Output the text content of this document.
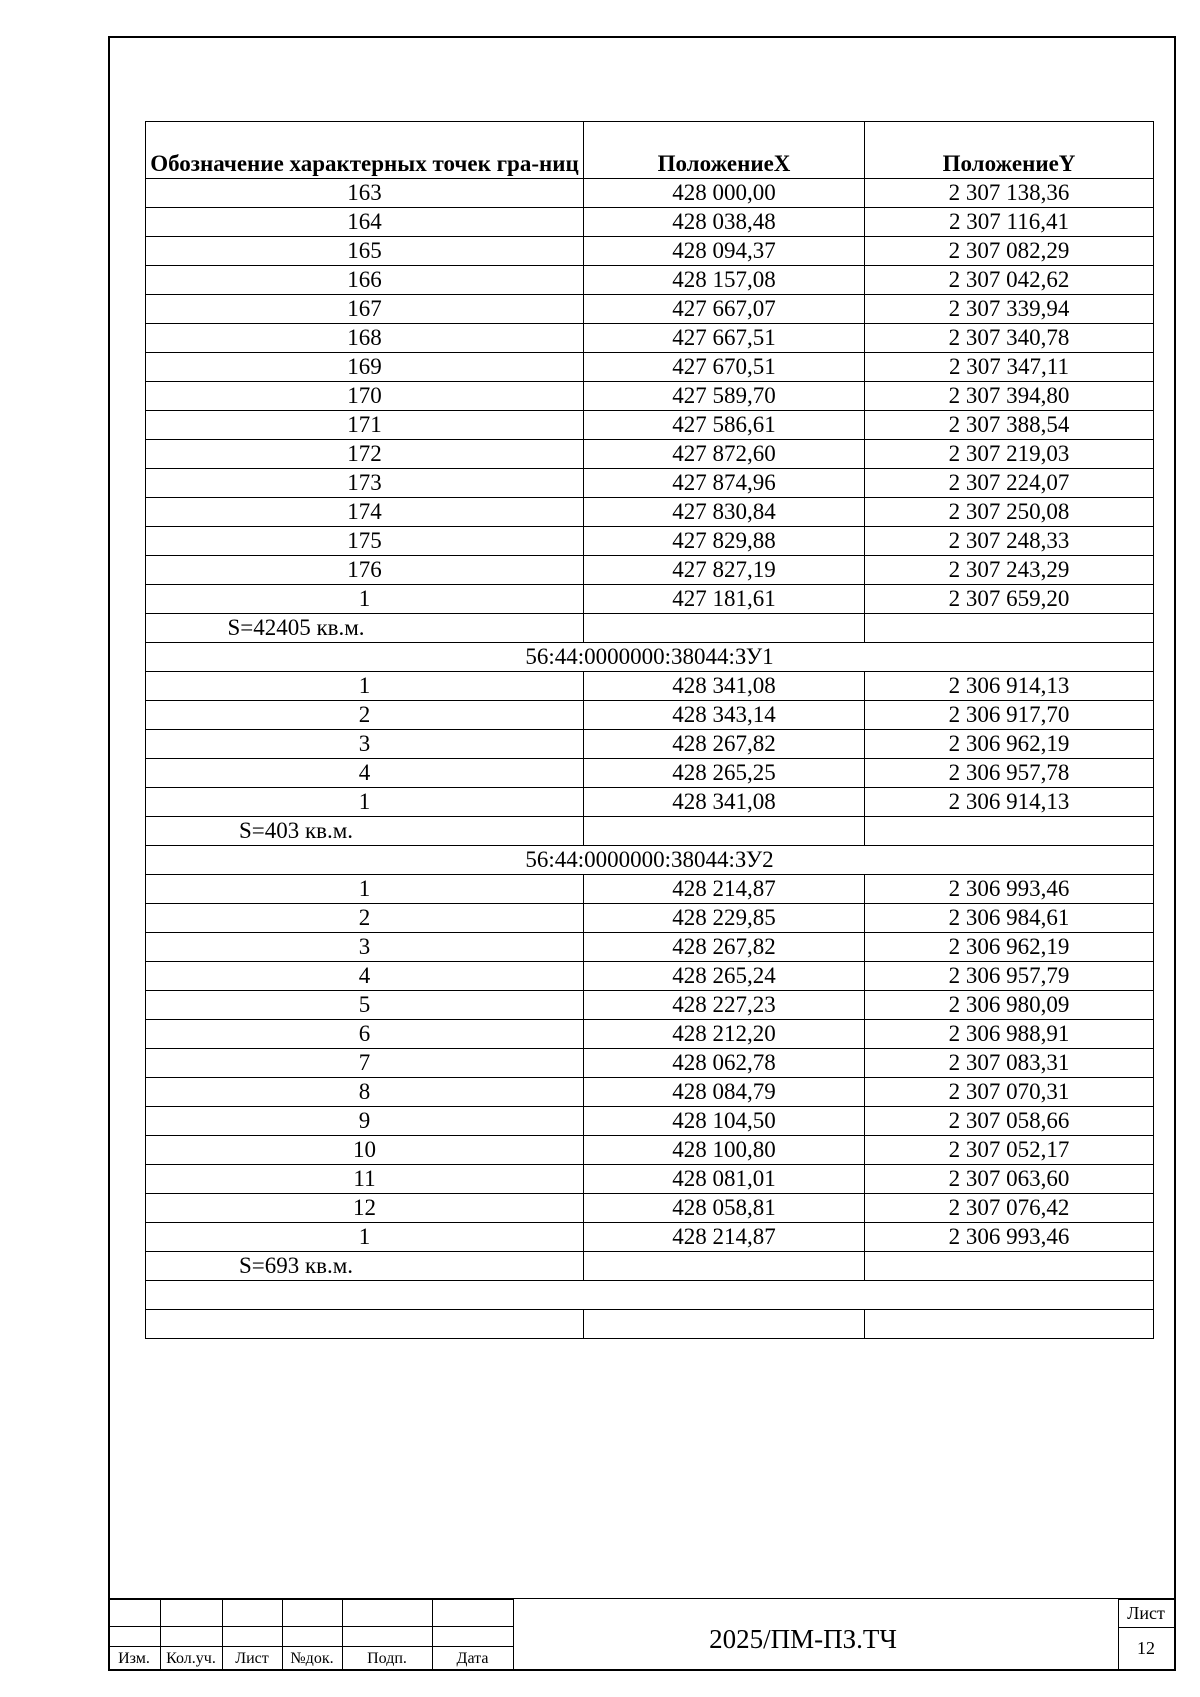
Обозначение характерных точек гра-ниц	ПоложениеX	ПоложениеY
163	428 000,00	2 307 138,36
164	428 038,48	2 307 116,41
165	428 094,37	2 307 082,29
166	428 157,08	2 307 042,62
167	427 667,07	2 307 339,94
168	427 667,51	2 307 340,78
169	427 670,51	2 307 347,11
170	427 589,70	2 307 394,80
171	427 586,61	2 307 388,54
172	427 872,60	2 307 219,03
173	427 874,96	2 307 224,07
174	427 830,84	2 307 250,08
175	427 829,88	2 307 248,33
176	427 827,19	2 307 243,29
1	427 181,61	2 307 659,20
S=42405 кв.м.		
56:44:0000000:38044:ЗУ1		
1	428 341,08	2 306 914,13
2	428 343,14	2 306 917,70
3	428 267,82	2 306 962,19
4	428 265,25	2 306 957,78
1	428 341,08	2 306 914,13
S=403 кв.м.		
56:44:0000000:38044:ЗУ2		
1	428 214,87	2 306 993,46
2	428 229,85	2 306 984,61
3	428 267,82	2 306 962,19
4	428 265,24	2 306 957,79
5	428 227,23	2 306 980,09
6	428 212,20	2 306 988,91
7	428 062,78	2 307 083,31
8	428 084,79	2 307 070,31
9	428 104,50	2 307 058,66
10	428 100,80	2 307 052,17
11	428 081,01	2 307 063,60
12	428 058,81	2 307 076,42
1	428 214,87	2 306 993,46
S=693 кв.м.		

Изм.	Кол.уч.	Лист	№док.	Подп.	Дата
2025/ПМ-ПЗ.ТЧ
Лист
12
